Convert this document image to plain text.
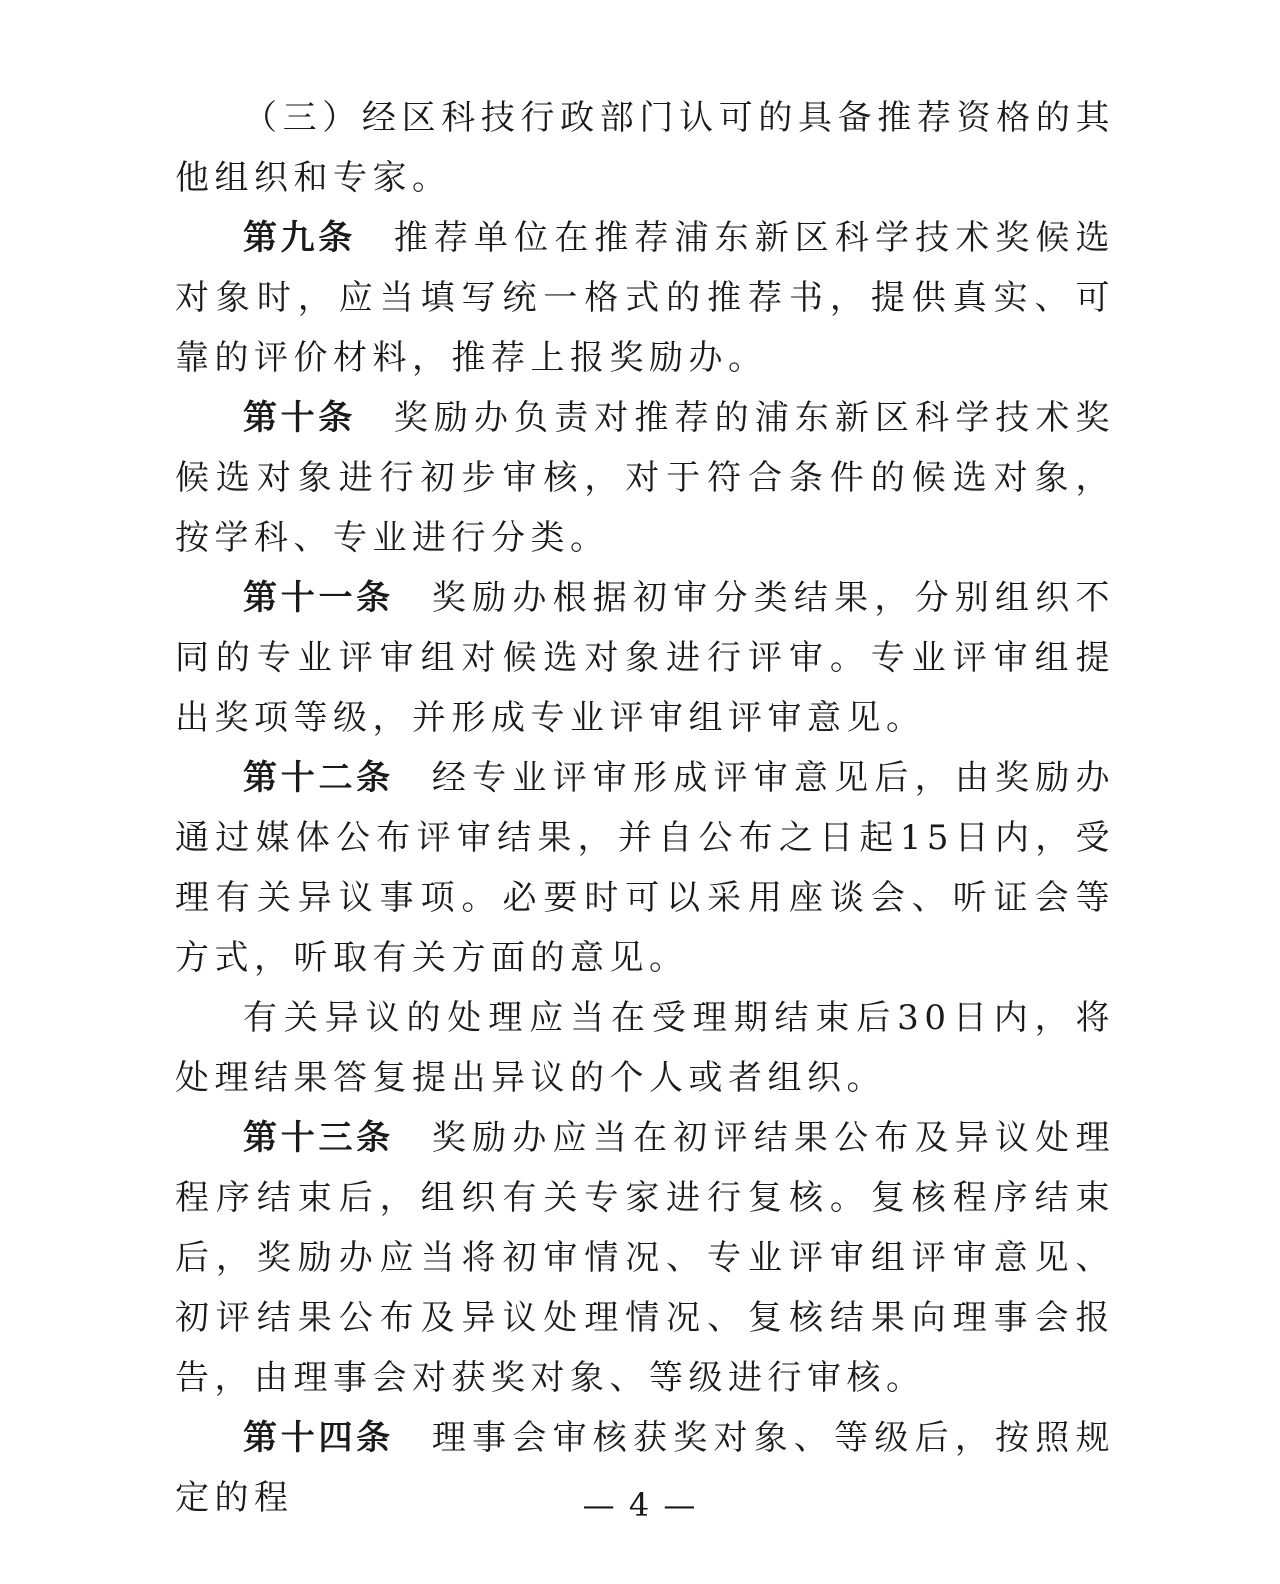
（三）经区科技行政部门认可的具备推荐资格的其他组织和专家。

第九条 推荐单位在推荐浦东新区科学技术奖候选对象时，应当填写统一格式的推荐书，提供真实、可靠的评价材料，推荐上报奖励办。

第十条 奖励办负责对推荐的浦东新区科学技术奖候选对象进行初步审核，对于符合条件的候选对象，按学科、专业进行分类。

第十一条 奖励办根据初审分类结果，分别组织不同的专业评审组对候选对象进行评审。专业评审组提出奖项等级，并形成专业评审组评审意见。

第十二条 经专业评审形成评审意见后，由奖励办通过媒体公布评审结果，并自公布之日起15日内，受理有关异议事项。必要时可以采用座谈会、听证会等方式，听取有关方面的意见。

有关异议的处理应当在受理期结束后30日内，将处理结果答复提出异议的个人或者组织。

第十三条 奖励办应当在初评结果公布及异议处理程序结束后，组织有关专家进行复核。复核程序结束后，奖励办应当将初审情况、专业评审组评审意见、初评结果公布及异议处理情况、复核结果向理事会报告，由理事会对获奖对象、等级进行审核。

第十四条 理事会审核获奖对象、等级后，按照规定的程	— 4 —
